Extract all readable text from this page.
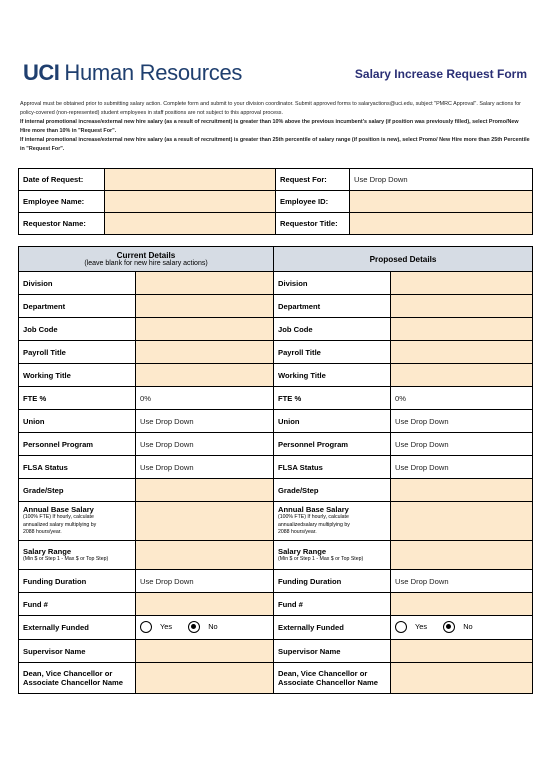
UCI Human Resources	Salary Increase Request Form

Approval must be obtained prior to submitting salary action. Complete form and submit to your division coordinator. Submit approved forms to salaryactions@uci.edu, subject "PMRC Approval". Salary actions for policy-covered (non-represented) student employees in staff positions are not subject to this approval process.

If internal promotional increase/external new hire salary (as a result of recruitment) is greater than 10% above the previous incumbent's salary (if position was previously filled), select Promo/New Hire more than 10% in "Request For".

If internal promotional increase/external new hire salary (as a result of recruitment) is greater than 25th percentile of salary range (if position is new), select Promo/ New Hire more than 25th Percentile in "Request For".

Date of Request:		Request For:	Use Drop Down
Employee Name:		Employee ID:	
Requestor Name:		Requestor Title:	
Current Details
(leave blank for new hire salary actions)	Proposed Details
Division		Division	
Department		Department	
Job Code		Job Code	
Payroll Title		Payroll Title	
Working Title		Working Title	
FTE %	0%	FTE %	0%
Union	Use Drop Down	Union	Use Drop Down
Personnel Program	Use Drop Down	Personnel Program	Use Drop Down
FLSA Status	Use Drop Down	FLSA Status	Use Drop Down
Grade/Step		Grade/Step	
Annual Base Salary
(100% FTE) If hourly, calculate
annualized salary multiplying by
2088 hours/year.		Annual Base Salary
(100% FTE) If hourly, calculate
annualizedsalary multiplying by
2088 hours/year.	

Salary Range
(Min $ or Step 1 - Max $ or Top Step)		Salary Range
(Min $ or Step 1 - Max $ or Top Step)	

Funding Duration	Use Drop Down	Funding Duration	Use Drop Down
Fund #		Fund #	
Externally Funded	Yes
No	Externally Funded	Yes
No

Supervisor Name		Supervisor Name	

Dean, Vice Chancellor or
Associate Chancellor Name		Dean, Vice Chancellor or
Associate Chancellor Name	
